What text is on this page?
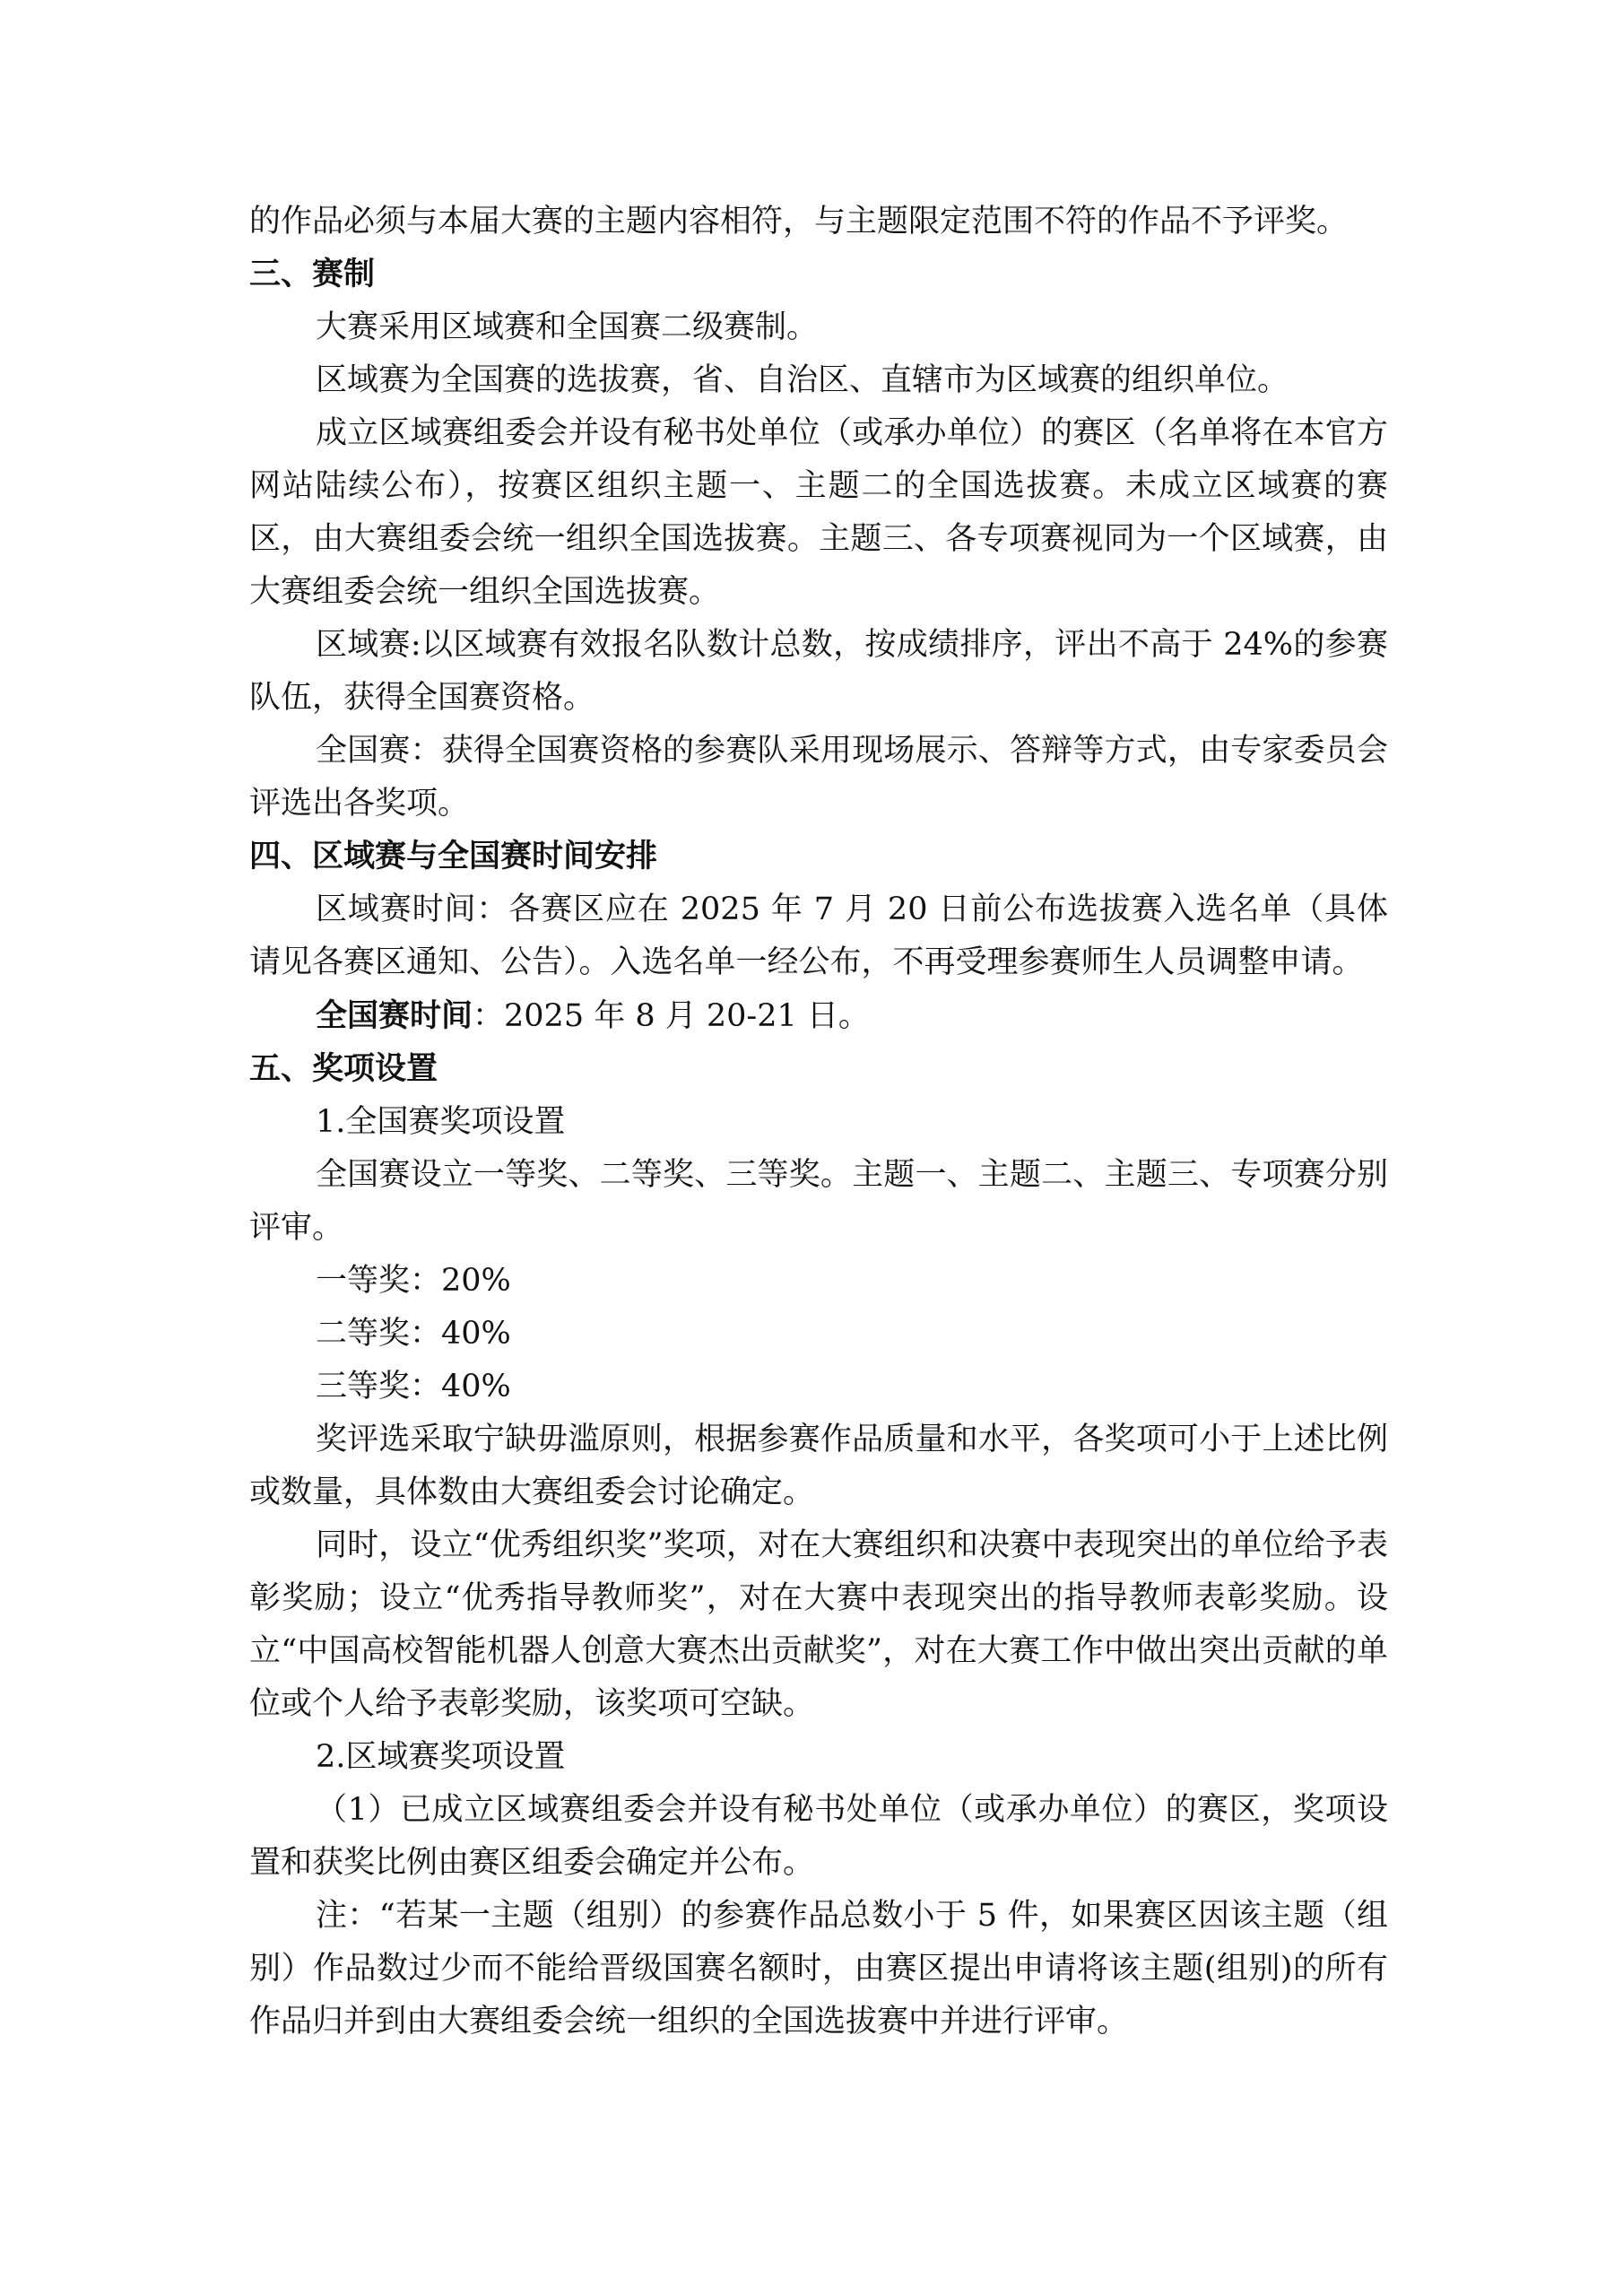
的作品必须与本届大赛的主题内容相符，与主题限定范围不符的作品不予评奖。

三、赛制

大赛采用区域赛和全国赛二级赛制。

区域赛为全国赛的选拔赛，省、自治区、直辖市为区域赛的组织单位。

成立区域赛组委会并设有秘书处单位（或承办单位）的赛区（名单将在本官方网站陆续公布），按赛区组织主题一、主题二的全国选拔赛。未成立区域赛的赛区，由大赛组委会统一组织全国选拔赛。主题三、各专项赛视同为一个区域赛，由大赛组委会统一组织全国选拔赛。

区域赛:以区域赛有效报名队数计总数，按成绩排序，评出不高于 24%的参赛队伍，获得全国赛资格。

全国赛：获得全国赛资格的参赛队采用现场展示、答辩等方式，由专家委员会评选出各奖项。

四、区域赛与全国赛时间安排

区域赛时间：各赛区应在 2025 年 7 月 20 日前公布选拔赛入选名单（具体请见各赛区通知、公告）。入选名单一经公布，不再受理参赛师生人员调整申请。

全国赛时间：2025 年 8 月 20-21 日。

五、奖项设置

1.全国赛奖项设置

全国赛设立一等奖、二等奖、三等奖。主题一、主题二、主题三、专项赛分别评审。

一等奖：20%

二等奖：40%

三等奖：40%

奖评选采取宁缺毋滥原则，根据参赛作品质量和水平，各奖项可小于上述比例或数量，具体数由大赛组委会讨论确定。

同时，设立“优秀组织奖”奖项，对在大赛组织和决赛中表现突出的单位给予表彰奖励；设立“优秀指导教师奖”，对在大赛中表现突出的指导教师表彰奖励。设立“中国高校智能机器人创意大赛杰出贡献奖”，对在大赛工作中做出突出贡献的单位或个人给予表彰奖励，该奖项可空缺。

2.区域赛奖项设置

（1）已成立区域赛组委会并设有秘书处单位（或承办单位）的赛区，奖项设置和获奖比例由赛区组委会确定并公布。

注：“若某一主题（组别）的参赛作品总数小于 5 件，如果赛区因该主题（组别）作品数过少而不能给晋级国赛名额时，由赛区提出申请将该主题(组别)的所有作品归并到由大赛组委会统一组织的全国选拔赛中并进行评审。
